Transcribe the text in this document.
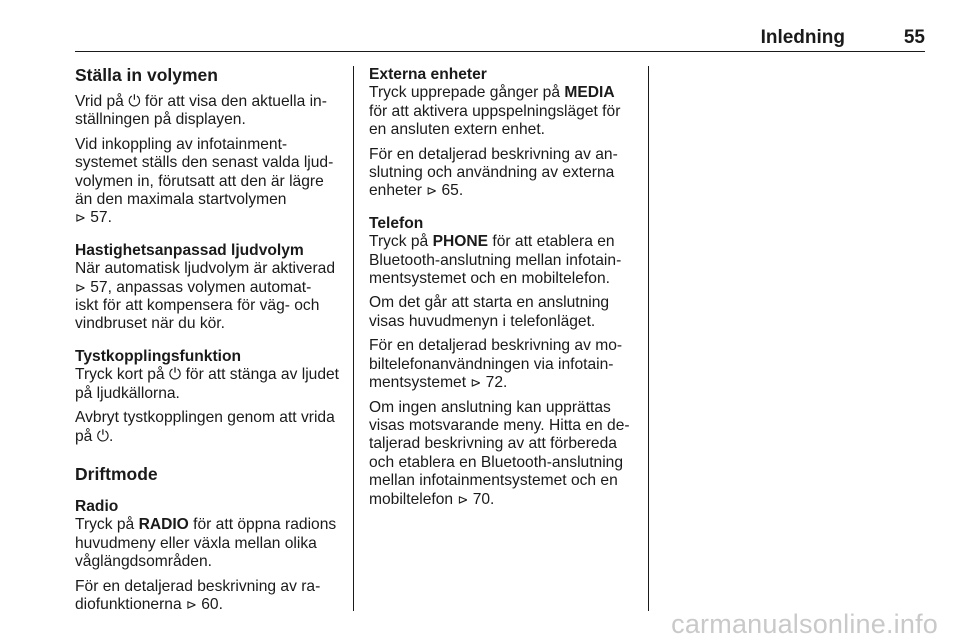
Inledning	55
Ställa in volymen

Vrid på ⏻ för att visa den aktuella in-
ställningen på displayen.

Vid inkoppling av infotainment-
systemet ställs den senast valda ljud-
volymen in, förutsatt att den är lägre
än den maximala startvolymen
⊳ 57.

Hastighetsanpassad ljudvolym

När automatisk ljudvolym är aktiverad
⊳ 57, anpassas volymen automat-
iskt för att kompensera för väg- och
vindbruset när du kör.

Tystkopplingsfunktion

Tryck kort på ⏻ för att stänga av ljudet
på ljudkällorna.

Avbryt tystkopplingen genom att vrida
på ⏻.

Driftmode
Radio

Tryck på RADIO för att öppna radions
huvudmeny eller växla mellan olika
våglängdsområden.

För en detaljerad beskrivning av ra-
diofunktionerna ⊳ 60.

Externa enheter

Tryck upprepade gånger på MEDIA
för att aktivera uppspelningsläget för
en ansluten extern enhet.

För en detaljerad beskrivning av an-
slutning och användning av externa
enheter ⊳ 65.

Telefon

Tryck på PHONE för att etablera en
Bluetooth-anslutning mellan infotain-
mentsystemet och en mobiltelefon.

Om det går att starta en anslutning
visas huvudmenyn i telefonläget.

För en detaljerad beskrivning av mo-
biltelefonanvändningen via infotain-
mentsystemet ⊳ 72.

Om ingen anslutning kan upprättas
visas motsvarande meny. Hitta en de-
taljerad beskrivning av att förbereda
och etablera en Bluetooth-anslutning
mellan infotainmentsystemet och en
mobiltelefon ⊳ 70.

carmanualsonline.info
